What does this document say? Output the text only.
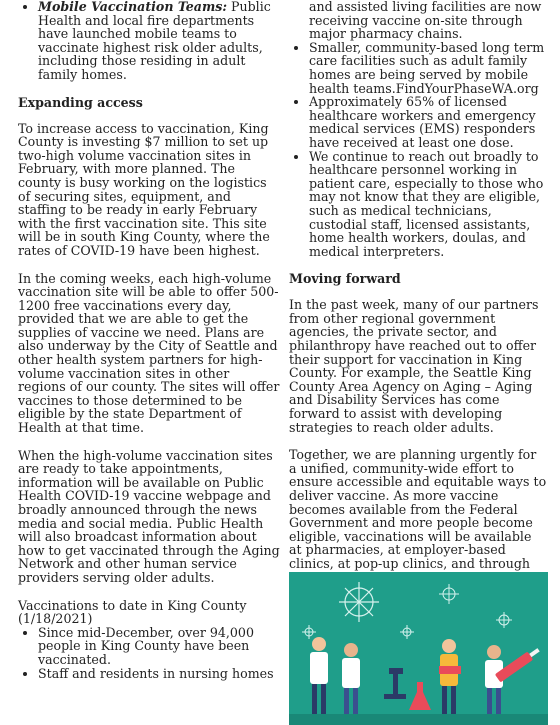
• Mobile Vaccination Teams: Public Health and local fire departments have launched mobile teams to vaccinate highest risk older adults, including those residing in adult family homes.
Expanding access

To increase access to vaccination, King County is investing $7 million to set up two-high volume vaccination sites in February, with more planned. The county is busy working on the logistics of securing sites, equipment, and staffing to be ready in early February with the first vaccination site. This site will be in south King County, where the rates of COVID-19 have been highest.

In the coming weeks, each high-volume vaccination site will be able to offer 500-1200 free vaccinations every day, provided that we are able to get the supplies of vaccine we need. Plans are also underway by the City of Seattle and other health system partners for high-volume vaccination sites in other regions of our county. The sites will offer vaccines to those determined to be eligible by the state Department of Health at that time.

When the high-volume vaccination sites are ready to take appointments, information will be available on Public Health COVID-19 vaccine webpage and broadly announced through the news media and social media. Public Health will also broadcast information about how to get vaccinated through the Aging Network and other human service providers serving older adults.

Vaccinations to date in King County (1/18/2021)

• Since mid-December, over 94,000 people in King County have been vaccinated.
• Staff and residents in nursing homes
and assisted living facilities are now receiving vaccine on-site through major pharmacy chains.
• Smaller, community-based long term care facilities such as adult family homes are being served by mobile health teams.FindYourPhaseWA.org
• Approximately 65% of licensed healthcare workers and emergency medical services (EMS) responders have received at least one dose.
• We continue to reach out broadly to healthcare personnel working in patient care, especially to those who may not know that they are eligible, such as medical technicians, custodial staff, licensed assistants, home health workers, doulas, and medical interpreters.
Moving forward

In the past week, many of our partners from other regional government agencies, the private sector, and philanthropy have reached out to offer their support for vaccination in King County. For example, the Seattle King County Area Agency on Aging – Aging and Disability Services has come forward to assist with developing strategies to reach older adults.

Together, we are planning urgently for a unified, community-wide effort to ensure accessible and equitable ways to deliver vaccine. As more vaccine becomes available from the Federal Government and more people become eligible, vaccinations will be available at pharmacies, at employer-based clinics, at pop-up clinics, and through
